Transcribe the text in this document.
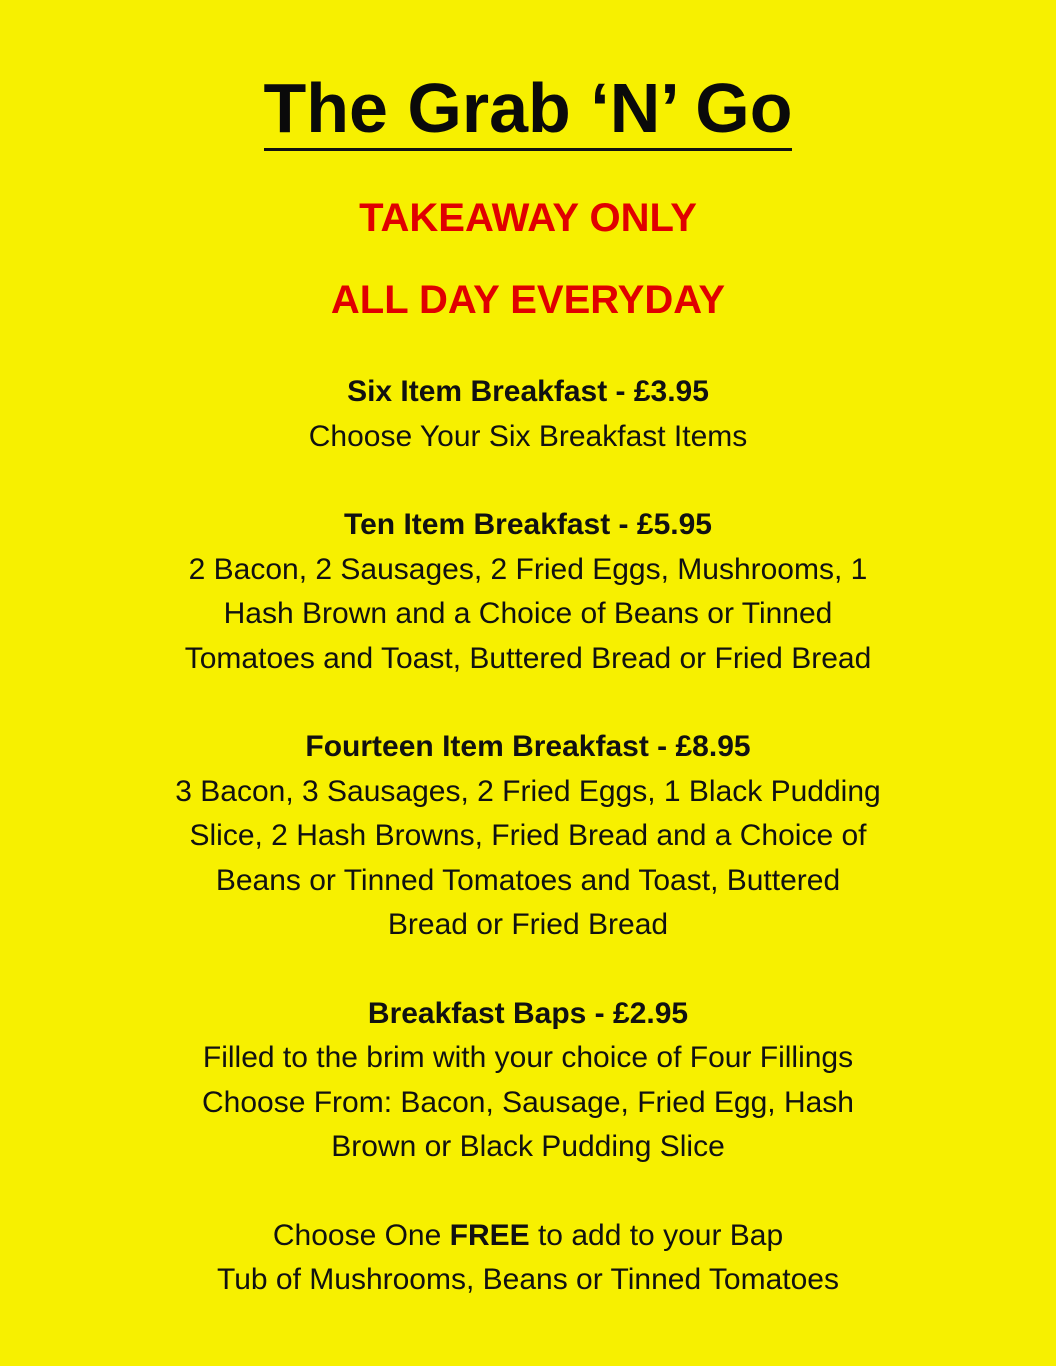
The Grab ‘N’ Go

TAKEAWAY ONLY

ALL DAY EVERYDAY

Six Item Breakfast - £3.95

Choose Your Six Breakfast Items

Ten Item Breakfast - £5.95

2 Bacon, 2 Sausages, 2 Fried Eggs, Mushrooms, 1

Hash Brown and a Choice of Beans or Tinned

Tomatoes and Toast, Buttered Bread or Fried Bread

Fourteen Item Breakfast - £8.95

3 Bacon, 3 Sausages, 2 Fried Eggs, 1 Black Pudding

Slice, 2 Hash Browns, Fried Bread and a Choice of

Beans or Tinned Tomatoes and Toast, Buttered

Bread or Fried Bread

Breakfast Baps - £2.95

Filled to the brim with your choice of Four Fillings

Choose From: Bacon, Sausage, Fried Egg, Hash

Brown or Black Pudding Slice

Choose One FREE to add to your Bap

Tub of Mushrooms, Beans or Tinned Tomatoes
